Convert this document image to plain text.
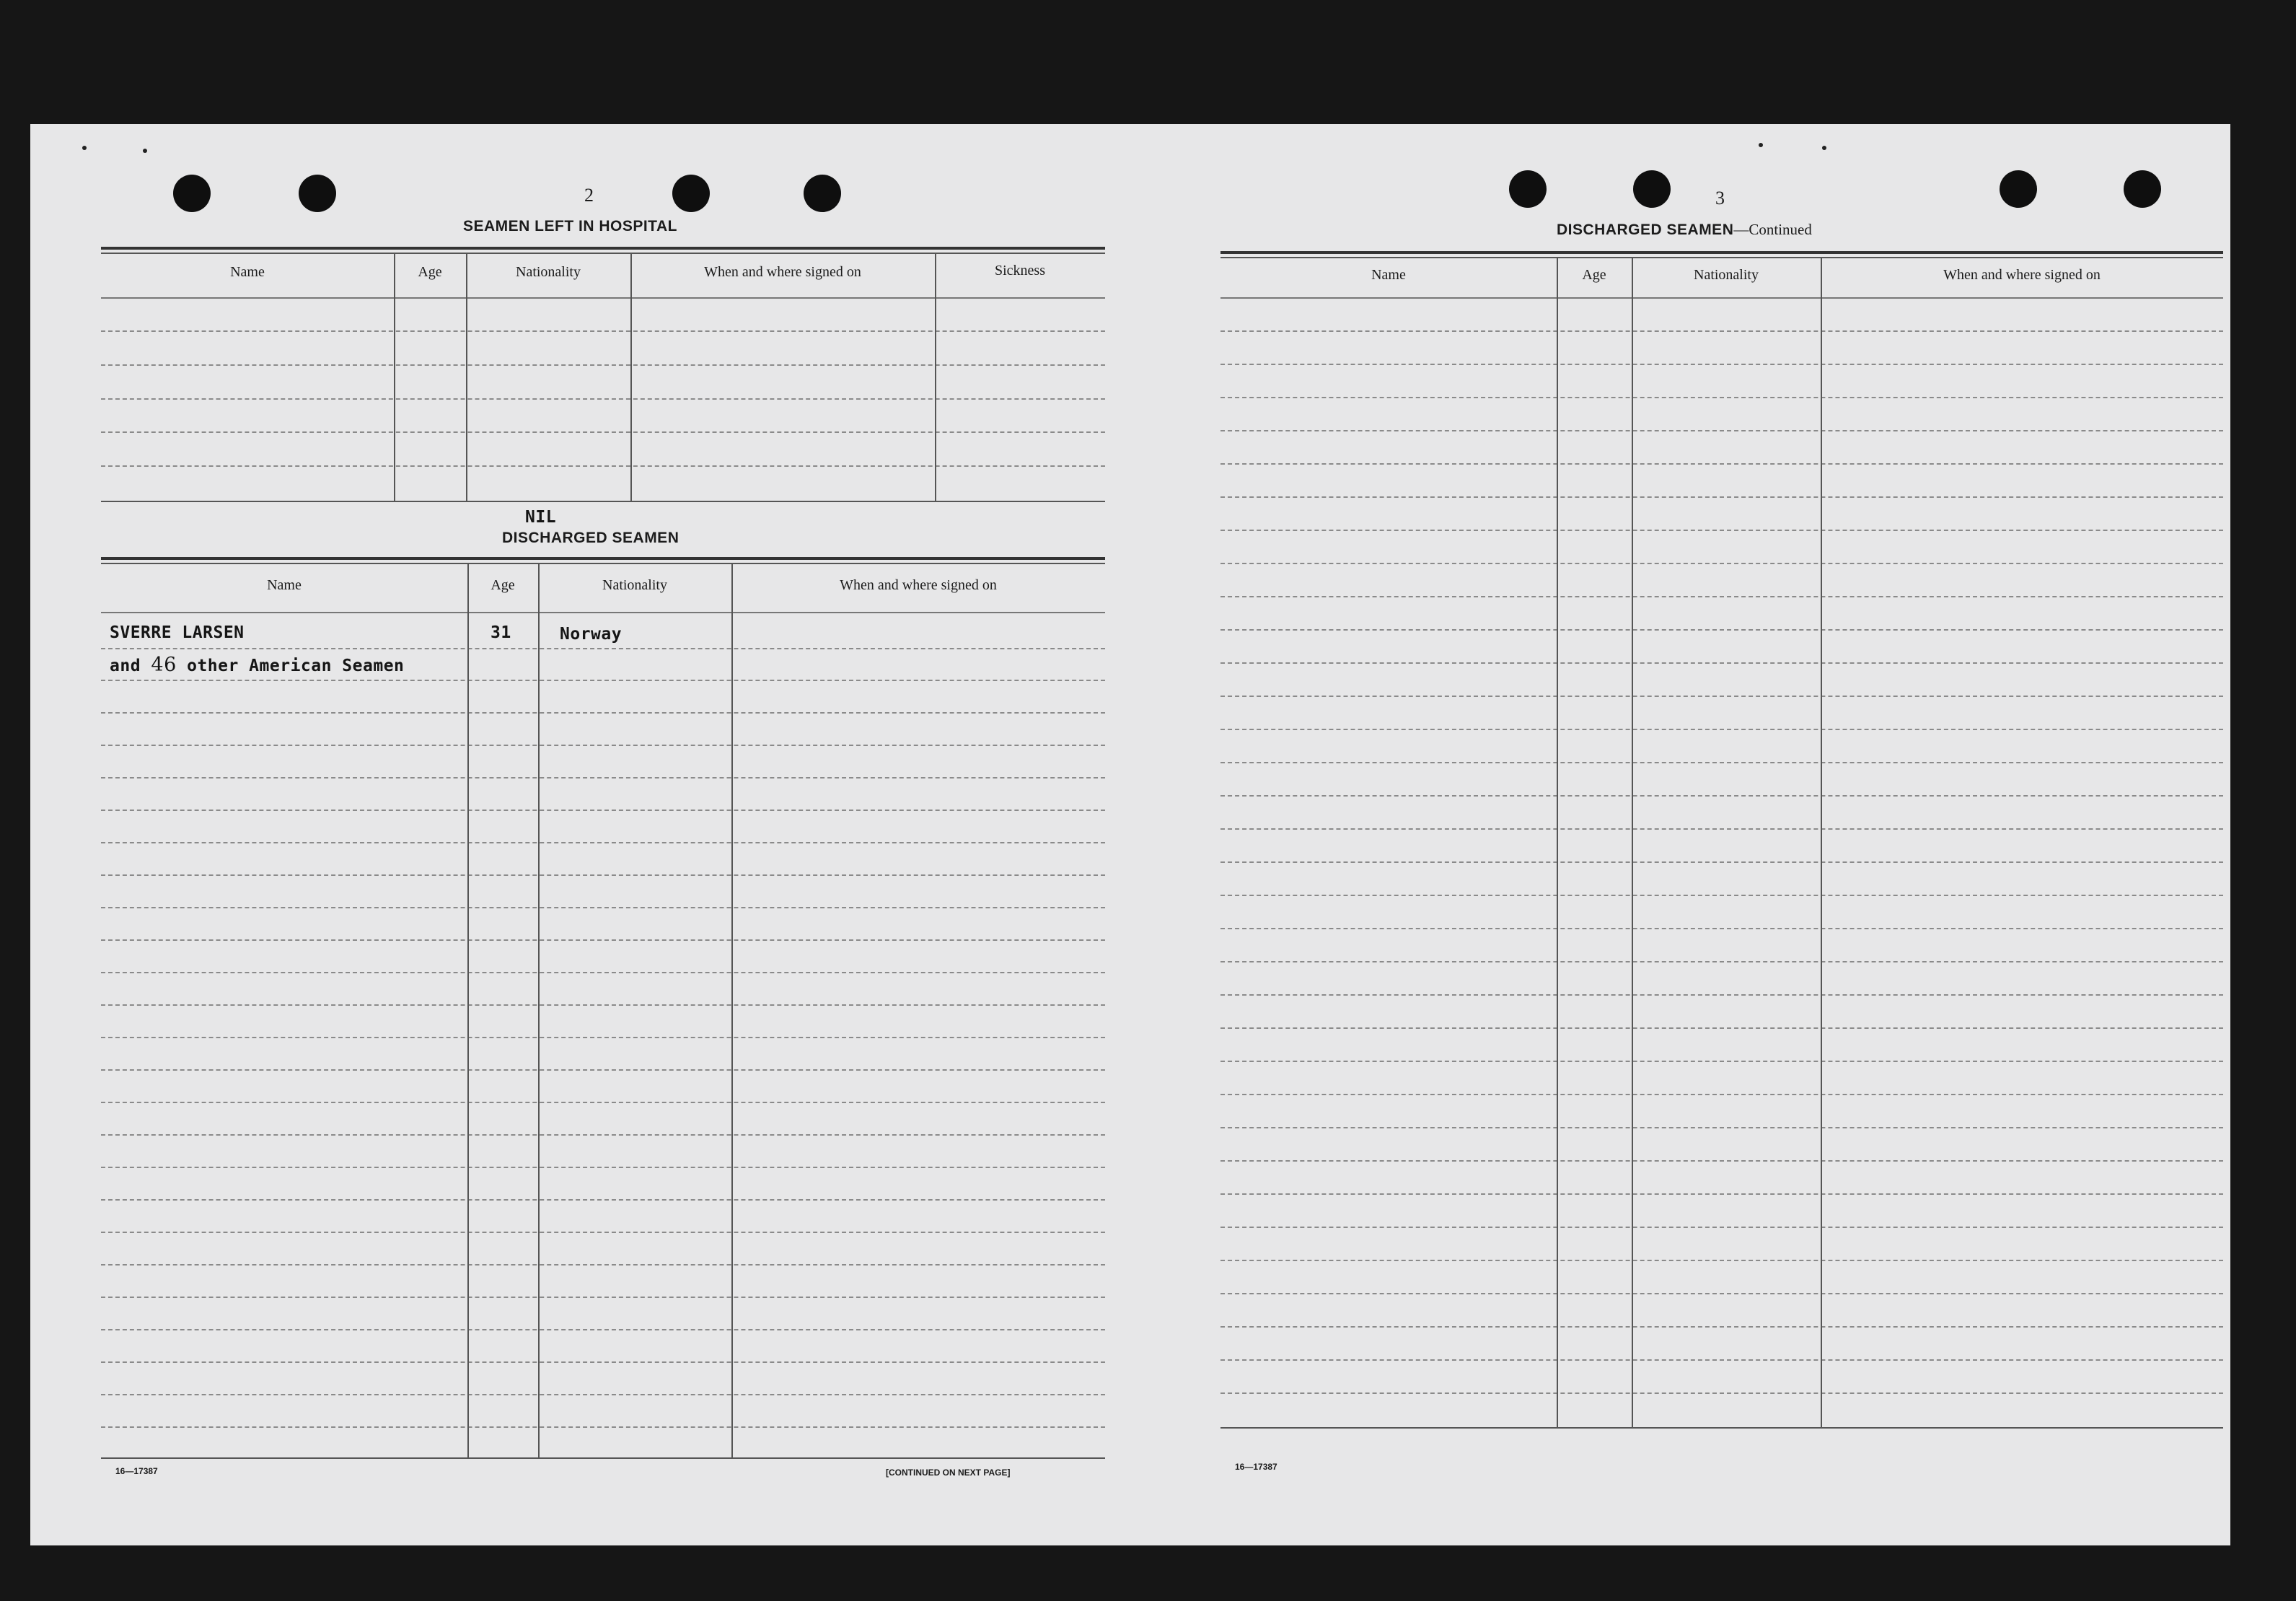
2
SEAMEN LEFT IN HOSPITAL
Name	Age	Nationality	When and where signed on	Sickness
NIL
DISCHARGED SEAMEN
Name	Age	Nationality	When and where signed on
SVERRE LARSEN	31	Norway
and 46 other American Seamen
16—17387	[CONTINUED ON NEXT PAGE]
3
DISCHARGED SEAMEN—Continued
Name	Age	Nationality	When and where signed on
16—17387
